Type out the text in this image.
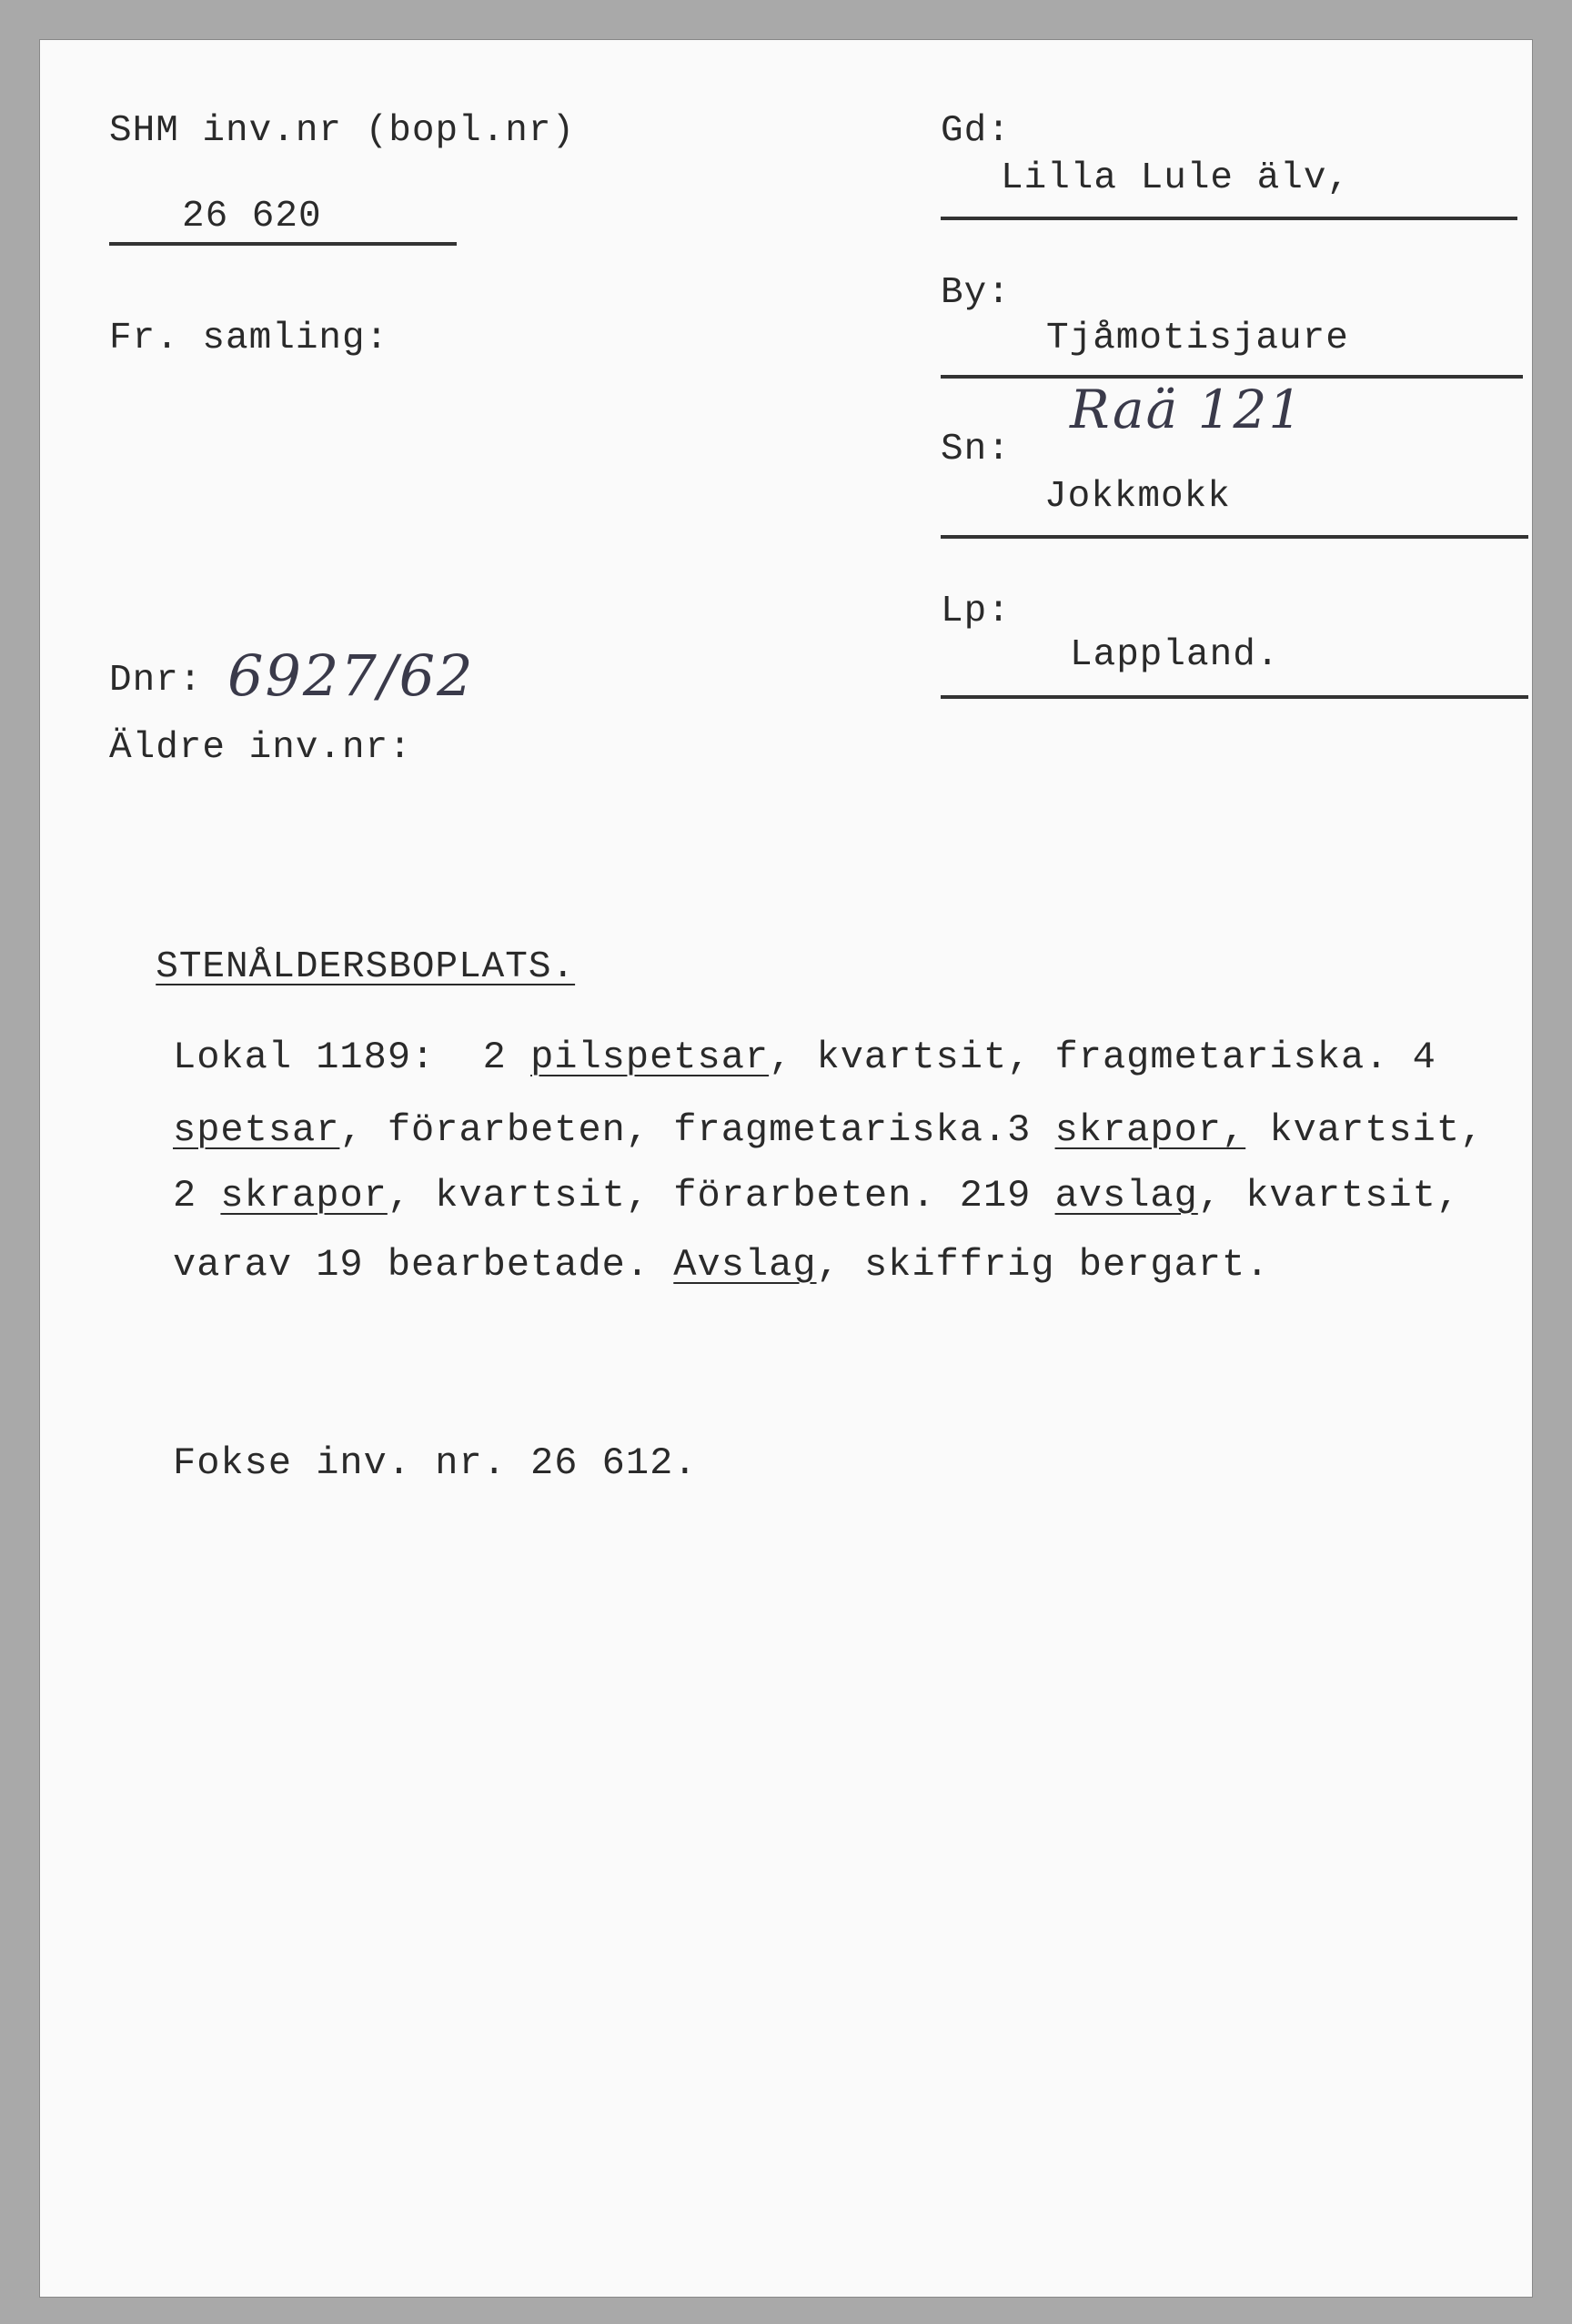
SHM inv.nr (bopl.nr)
26 620
Fr. samling:
Dnr: 6927/62
Äldre inv.nr:
Gd:
Lilla Lule älv,
By:
Tjåmotisjaure
Raä 121
Sn:
Jokkmokk
Lp:
Lappland.

STENÅLDERSBOPLATS.

Lokal 1189:  2 pilspetsar, kvartsit, fragmetariska. 4
spetsar, förarbeten, fragmetariska.3 skrapor, kvartsit,
2 skrapor, kvartsit, förarbeten. 219 avslag, kvartsit,
varav 19 bearbetade. Avslag, skiffrig bergart.
Fokse inv. nr. 26 612.
